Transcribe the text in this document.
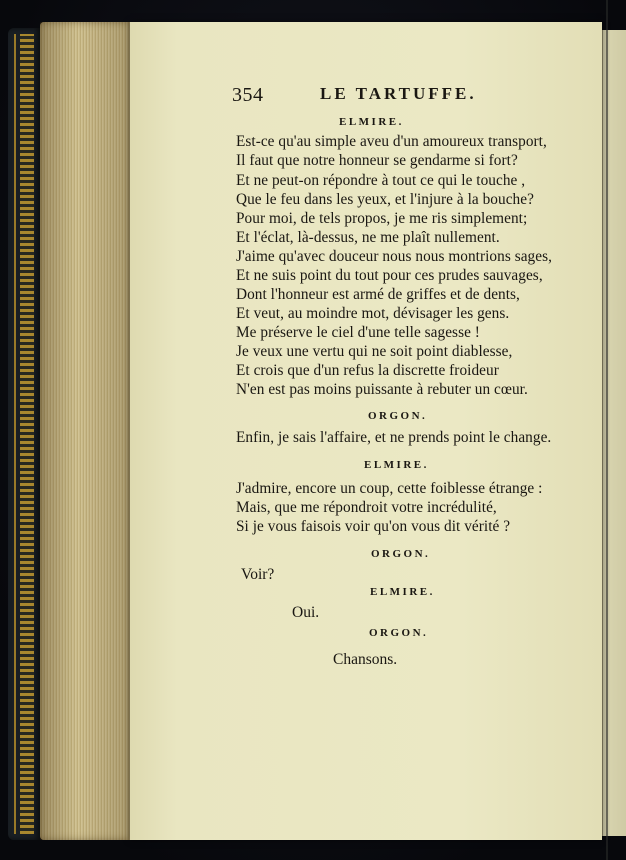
354	LE TARTUFFE.
ELMIRE.
Est-ce qu'au simple aveu d'un amoureux transport,
Il faut que notre honneur se gendarme si fort?
Et ne peut-on répondre à tout ce qui le touche ,
Que le feu dans les yeux, et l'injure à la bouche?
Pour moi, de tels propos, je me ris simplement;
Et l'éclat, là-dessus, ne me plaît nullement.
J'aime qu'avec douceur nous nous montrions sages,
Et ne suis point du tout pour ces prudes sauvages,
Dont l'honneur est armé de griffes et de dents,
Et veut, au moindre mot, dévisager les gens.
Me préserve le ciel d'une telle sagesse !
Je veux une vertu qui ne soit point diablesse,
Et crois que d'un refus la discrette froideur
N'en est pas moins puissante à rebuter un cœur.
ORGON.
Enfin, je sais l'affaire, et ne prends point le change.
ELMIRE.
J'admire, encore un coup, cette foiblesse étrange :
Mais, que me répondroit votre incrédulité,
Si je vous faisois voir qu'on vous dit vérité ?
ORGON.
Voir?
ELMIRE.
Oui.
ORGON.
Chansons.
